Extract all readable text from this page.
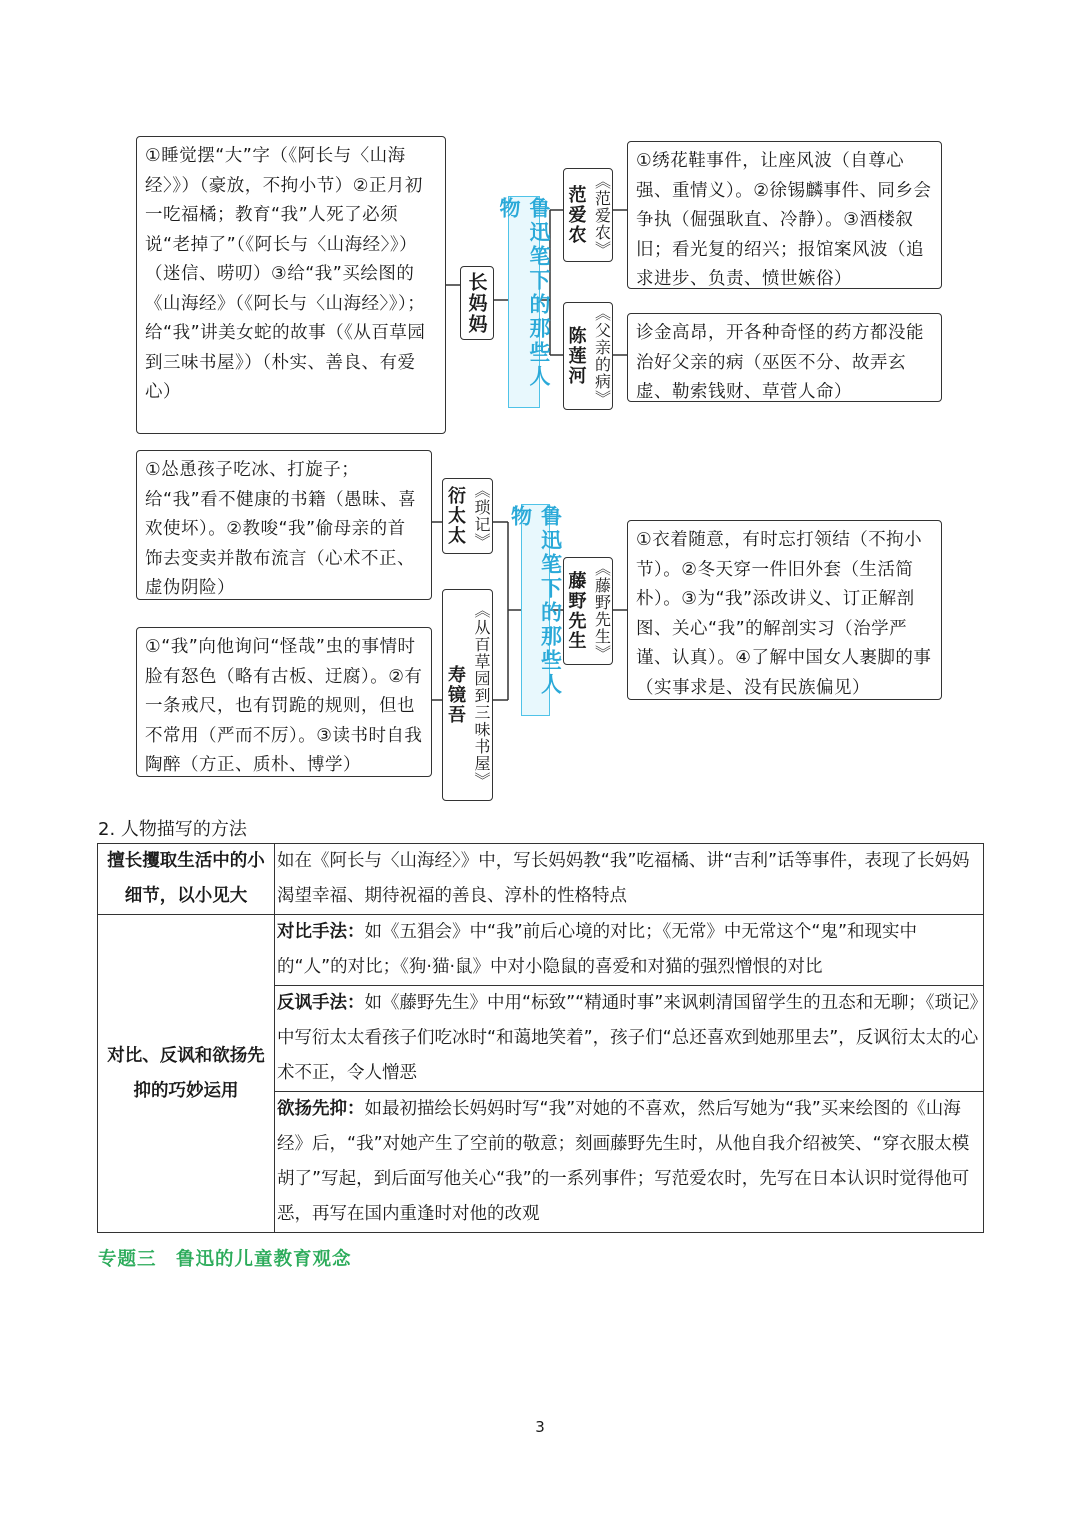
①睡觉摆“大”字（《阿长与〈山海经〉》）（豪放，不拘小节）②正月初一吃福橘；教育“我”人死了必须说“老掉了”（《阿长与〈山海经〉》）（迷信、唠叨）③给“我”买绘图的《山海经》（《阿长与〈山海经〉》）；给“我”讲美女蛇的故事（《从百草园到三味书屋》）（朴实、善良、有爱心）
长妈妈	鲁迅笔下的那些人物	《范爱农》
范爱农
①绣花鞋事件，让座风波（自尊心强、重情义）。②徐锡麟事件、同乡会争执（倔强耿直、冷静）。③酒楼叙旧；看光复的绍兴；报馆案风波（追求进步、负责、愤世嫉俗）
《父亲的病》
陈莲河	诊金高昂，开各种奇怪的药方都没能治好父亲的病（巫医不分、故弄玄虚、勒索钱财、草菅人命）
①怂恿孩子吃冰、打旋子；给“我”看不健康的书籍（愚昧、喜欢使坏）。②教唆“我”偷母亲的首饰去变卖并散布流言（心术不正、虚伪阴险）
《琐记》
衍太太
①“我”向他询问“怪哉”虫的事情时脸有怒色（略有古板、迂腐）。②有一条戒尺，也有罚跪的规则，但也不常用（严而不厉）。③读书时自我陶醉（方正、质朴、博学）	《从百草园到三味书屋》
寿镜吾	鲁迅笔下的那些人物
《藤野先生》
藤野先生
①衣着随意，有时忘打领结（不拘小节）。②冬天穿一件旧外套（生活简朴）。③为“我”添改讲义、订正解剖图、关心“我”的解剖实习（治学严谨、认真）。④了解中国女人裹脚的事（实事求是、没有民族偏见）
2. 人物描写的方法
擅长攫取生活中的小细节，以小见大	如在《阿长与〈山海经〉》中，写长妈妈教“我”吃福橘、讲“吉利”话等事件，表现了长妈妈渴望幸福、期待祝福的善良、淳朴的性格特点
对比、反讽和欲扬先抑的巧妙运用	对比手法：如《五猖会》中“我”前后心境的对比；《无常》中无常这个“鬼”和现实中的“人”的对比；《狗·猫·鼠》中对小隐鼠的喜爱和对猫的强烈憎恨的对比
	反讽手法：如《藤野先生》中用“标致”“精通时事”来讽刺清国留学生的丑态和无聊；《琐记》中写衍太太看孩子们吃冰时“和蔼地笑着”，孩子们“总还喜欢到她那里去”，反讽衍太太的心术不正，令人憎恶
	欲扬先抑：如最初描绘长妈妈时写“我”对她的不喜欢，然后写她为“我”买来绘图的《山海经》后，“我”对她产生了空前的敬意；刻画藤野先生时，从他自我介绍被笑、“穿衣服太模胡了”写起，到后面写他关心“我”的一系列事件；写范爱农时，先写在日本认识时觉得他可恶，再写在国内重逢时对他的改观
专题三　鲁迅的儿童教育观念
3
